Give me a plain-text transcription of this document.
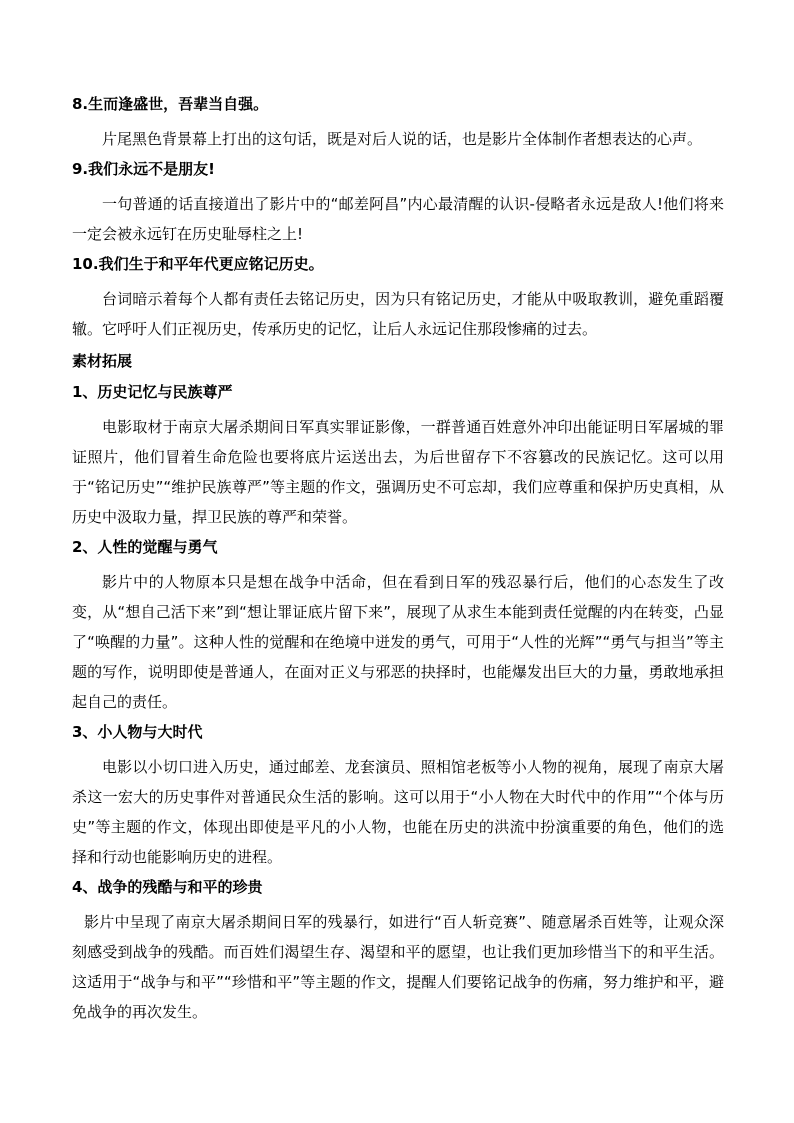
8.生而逢盛世，吾辈当自强。

片尾黑色背景幕上打出的这句话，既是对后人说的话，也是影片全体制作者想表达的心声。

9.我们永远不是朋友!

一句普通的话直接道出了影片中的“邮差阿昌”内心最清醒的认识-侵略者永远是敌人!他们将来一定会被永远钉在历史耻辱柱之上!

10.我们生于和平年代更应铭记历史。

台词暗示着每个人都有责任去铭记历史，因为只有铭记历史，才能从中吸取教训，避免重蹈覆辙。它呼吁人们正视历史，传承历史的记忆，让后人永远记住那段惨痛的过去。

素材拓展
1、历史记忆与民族尊严

电影取材于南京大屠杀期间日军真实罪证影像，一群普通百姓意外冲印出能证明日军屠城的罪证照片，他们冒着生命危险也要将底片运送出去，为后世留存下不容篡改的民族记忆。这可以用于“铭记历史”“维护民族尊严”等主题的作文，强调历史不可忘却，我们应尊重和保护历史真相，从历史中汲取力量，捍卫民族的尊严和荣誉。

2、人性的觉醒与勇气

影片中的人物原本只是想在战争中活命，但在看到日军的残忍暴行后，他们的心态发生了改变，从“想自己活下来”到“想让罪证底片留下来”，展现了从求生本能到责任觉醒的内在转变，凸显了“唤醒的力量”。这种人性的觉醒和在绝境中迸发的勇气，可用于“人性的光辉”“勇气与担当”等主题的写作，说明即使是普通人，在面对正义与邪恶的抉择时，也能爆发出巨大的力量，勇敢地承担起自己的责任。

3、小人物与大时代

电影以小切口进入历史，通过邮差、龙套演员、照相馆老板等小人物的视角，展现了南京大屠杀这一宏大的历史事件对普通民众生活的影响。这可以用于“小人物在大时代中的作用”“个体与历史”等主题的作文，体现出即使是平凡的小人物，也能在历史的洪流中扮演重要的角色，他们的选择和行动也能影响历史的进程。

4、战争的残酷与和平的珍贵

影片中呈现了南京大屠杀期间日军的残暴行，如进行“百人斩竞赛”、随意屠杀百姓等，让观众深刻感受到战争的残酷。而百姓们渴望生存、渴望和平的愿望，也让我们更加珍惜当下的和平生活。这适用于“战争与和平”“珍惜和平”等主题的作文，提醒人们要铭记战争的伤痛，努力维护和平，避免战争的再次发生。
